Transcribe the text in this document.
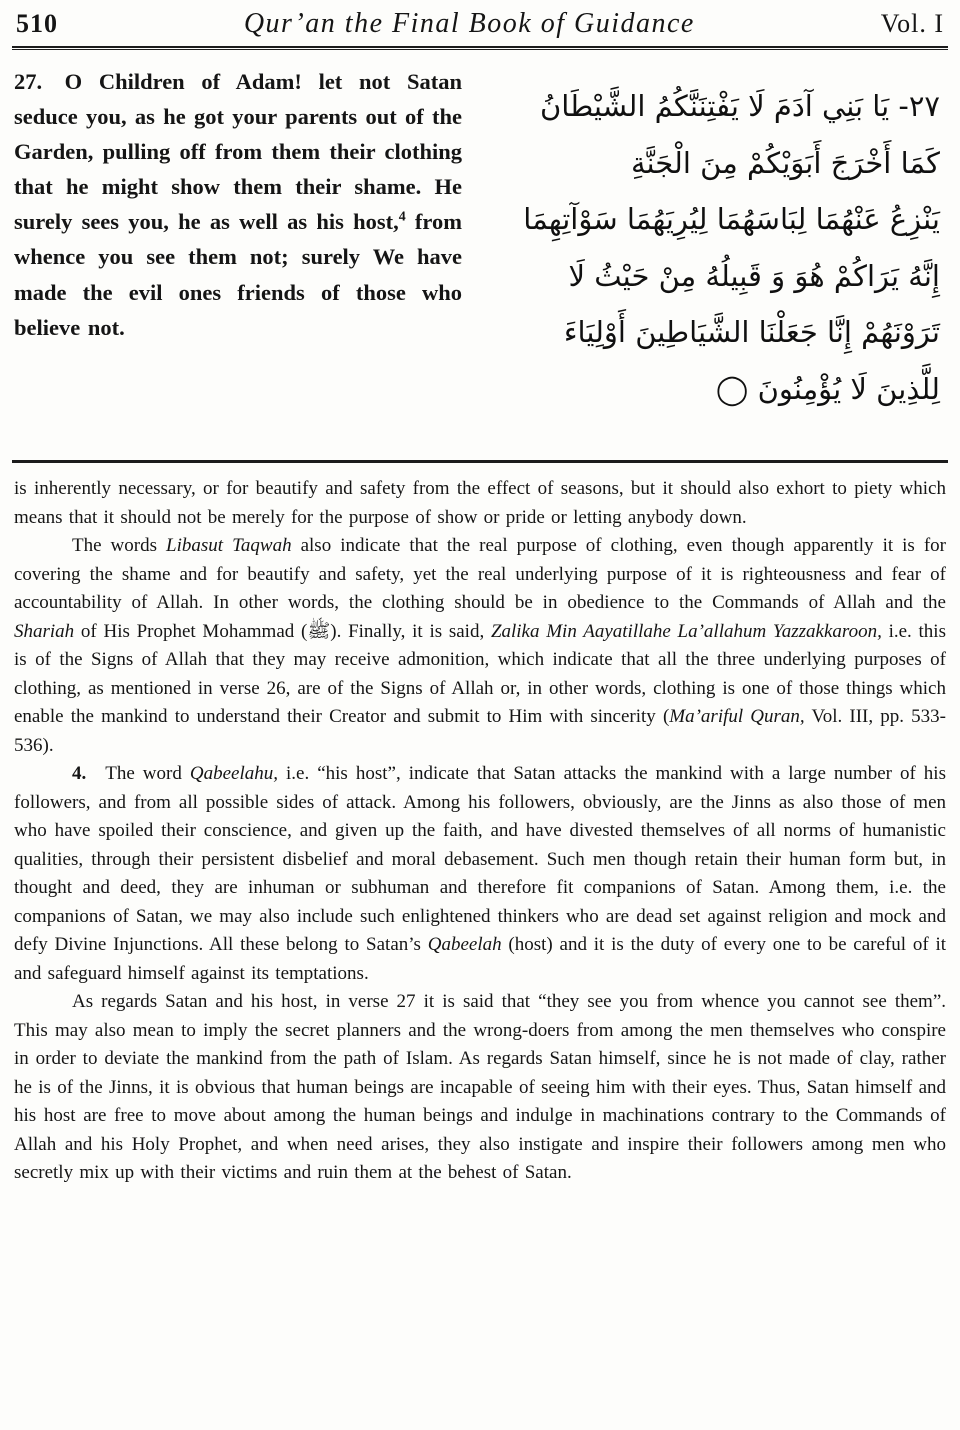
510	Qur’an the Final Book of Guidance	Vol. I
27. O Children of Adam! let not Satan seduce you, as he got your parents out of the Garden, pulling off from them their clothing that he might show them their shame. He surely sees you, he as well as his host,$^4$ from whence you see them not; surely We have made the evil ones friends of those who believe not.
٢٧- يَا بَنِي آدَمَ لَا يَفْتِنَنَّكُمُ الشَّيْطَانُ
كَمَا أَخْرَجَ أَبَوَيْكُمْ مِنَ الْجَنَّةِ
يَنْزِعُ عَنْهُمَا لِبَاسَهُمَا لِيُرِيَهُمَا سَوْآتِهِمَا
إِنَّهُ يَرَاكُمْ هُوَ وَ قَبِيلُهُ مِنْ حَيْثُ لَا
تَرَوْنَهُمْ إِنَّا جَعَلْنَا الشَّيَاطِينَ أَوْلِيَاءَ
لِلَّذِينَ لَا يُؤْمِنُونَ ◯

is inherently necessary, or for beautify and safety from the effect of seasons, but it should also exhort to piety which means that it should not be merely for the purpose of show or pride or letting anybody down.

The words Libasut Taqwah also indicate that the real purpose of clothing, even though apparently it is for covering the shame and for beautify and safety, yet the real underlying purpose of it is righteousness and fear of accountability of Allah. In other words, the clothing should be in obedience to the Commands of Allah and the Shariah of His Prophet Mohammad (ﷺ). Finally, it is said, Zalika Min Aayatillahe La’allahum Yazzakkaroon, i.e. this is of the Signs of Allah that they may receive admonition, which indicate that all the three underlying purposes of clothing, as mentioned in verse 26, are of the Signs of Allah or, in other words, clothing is one of those things which enable the mankind to understand their Creator and submit to Him with sincerity (Ma’ariful Quran, Vol. III, pp. 533-536).

4. The word Qabeelahu, i.e. “his host”, indicate that Satan attacks the mankind with a large number of his followers, and from all possible sides of attack. Among his followers, obviously, are the Jinns as also those of men who have spoiled their conscience, and given up the faith, and have divested themselves of all norms of humanistic qualities, through their persistent disbelief and moral debasement. Such men though retain their human form but, in thought and deed, they are inhuman or subhuman and therefore fit companions of Satan. Among them, i.e. the companions of Satan, we may also include such enlightened thinkers who are dead set against religion and mock and defy Divine Injunctions. All these belong to Satan’s Qabeelah (host) and it is the duty of every one to be careful of it and safeguard himself against its temptations.

As regards Satan and his host, in verse 27 it is said that “they see you from whence you cannot see them”. This may also mean to imply the secret planners and the wrong-doers from among the men themselves who conspire in order to deviate the mankind from the path of Islam. As regards Satan himself, since he is not made of clay, rather he is of the Jinns, it is obvious that human beings are incapable of seeing him with their eyes. Thus, Satan himself and his host are free to move about among the human beings and indulge in machinations contrary to the Commands of Allah and his Holy Prophet, and when need arises, they also instigate and inspire their followers among men who secretly mix up with their victims and ruin them at the behest of Satan.
